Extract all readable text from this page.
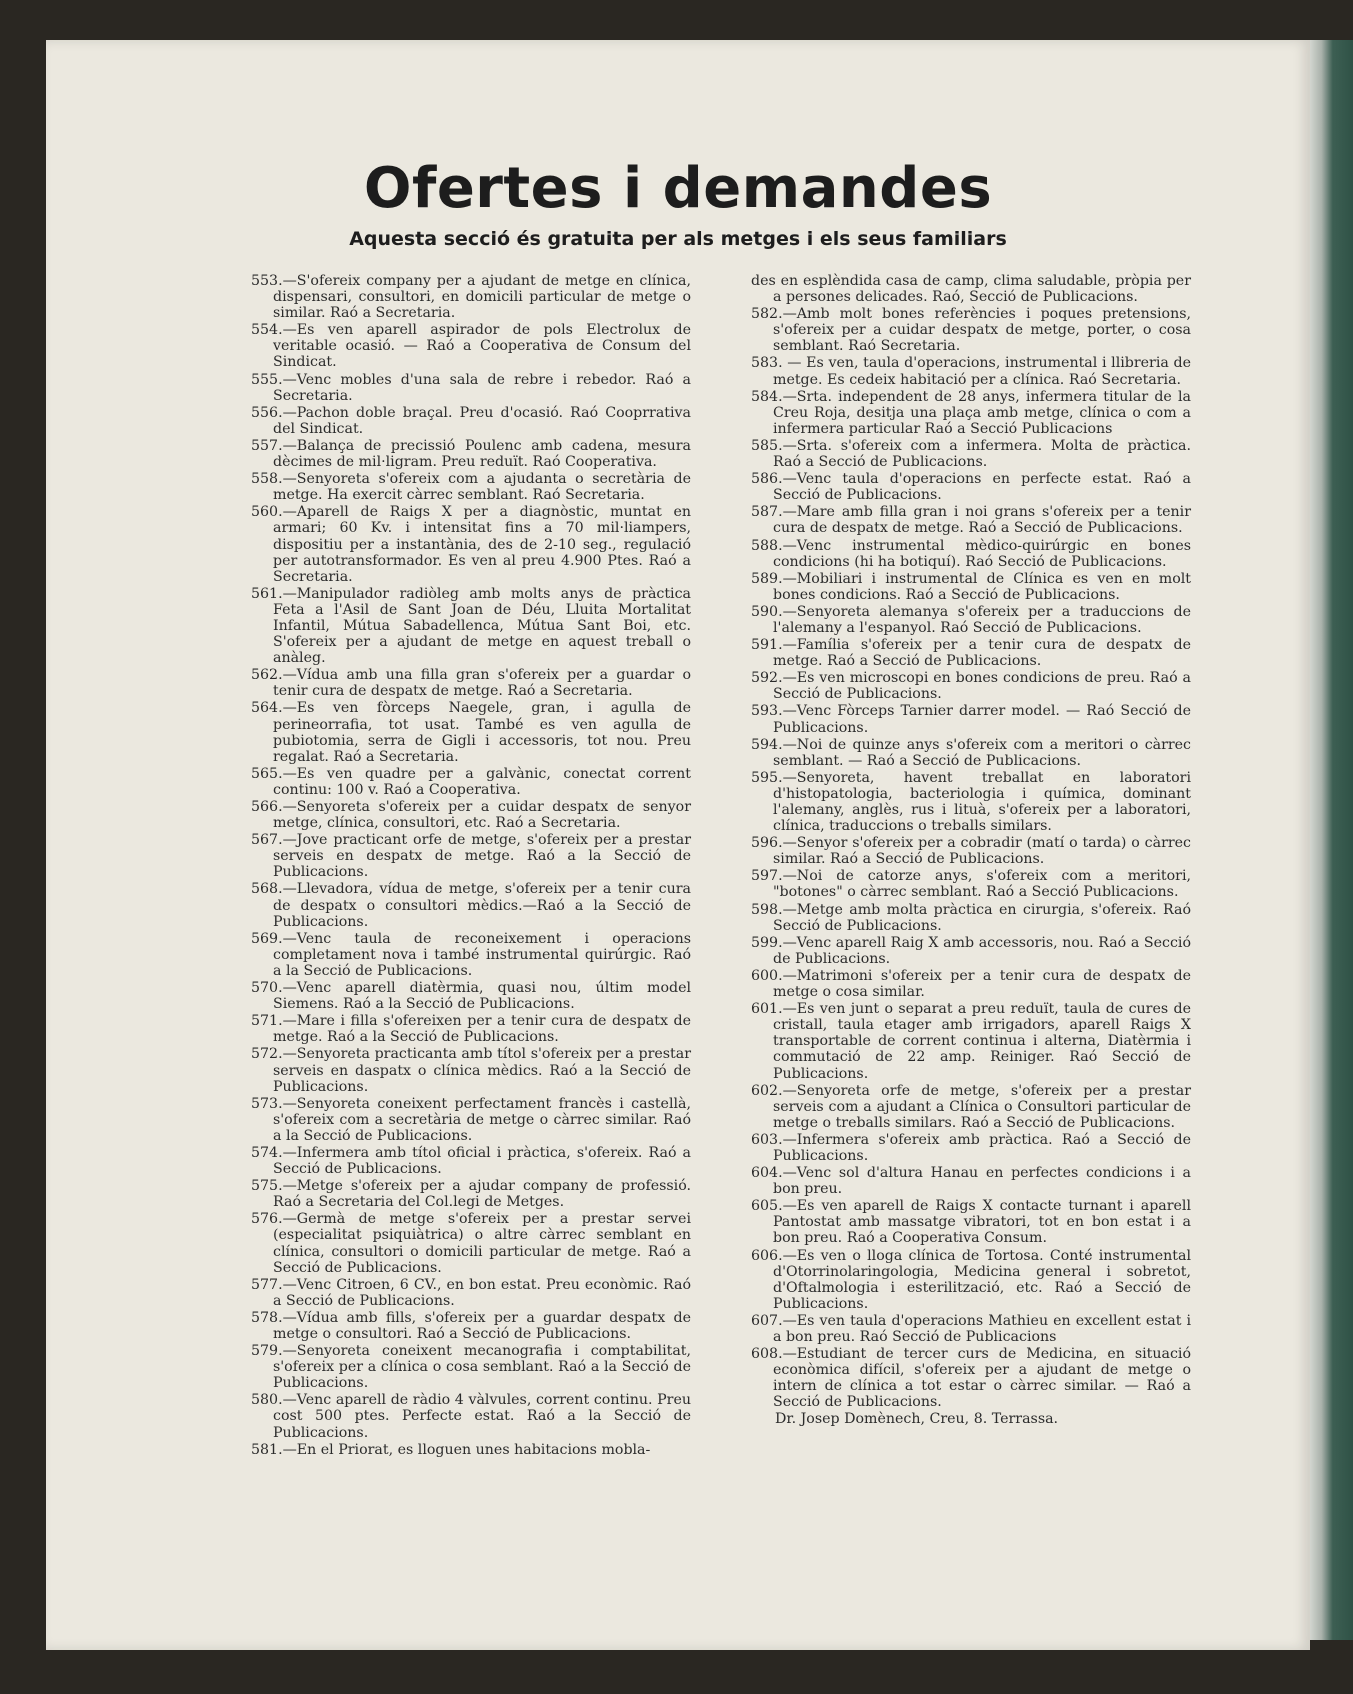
Ofertes i demandes

Aquesta secció és gratuita per als metges i els seus familiars

553.—S'ofereix company per a ajudant de metge en clínica, dispensari, consultori, en domicili particular de metge o similar. Raó a Secretaria.

554.—Es ven aparell aspirador de pols Electrolux de veritable ocasió. — Raó a Cooperativa de Consum del Sindicat.

555.—Venc mobles d'una sala de rebre i rebedor. Raó a Secretaria.

556.—Pachon doble braçal. Preu d'ocasió. Raó Cooprrativa del Sindicat.

557.—Balança de precissió Poulenc amb cadena, mesura dècimes de mil·ligram. Preu reduït. Raó Cooperativa.

558.—Senyoreta s'ofereix com a ajudanta o secretària de metge. Ha exercit càrrec semblant. Raó Secretaria.

560.—Aparell de Raigs X per a diagnòstic, muntat en armari; 60 Kv. i intensitat fins a 70 mil·liampers, dispositiu per a instantània, des de 2-10 seg., regulació per autotransformador. Es ven al preu 4.900 Ptes. Raó a Secretaria.

561.—Manipulador radiòleg amb molts anys de pràctica Feta a l'Asil de Sant Joan de Déu, Lluita Mortalitat Infantil, Mútua Sabadellenca, Mútua Sant Boi, etc. S'ofereix per a ajudant de metge en aquest treball o anàleg.

562.—Vídua amb una filla gran s'ofereix per a guardar o tenir cura de despatx de metge. Raó a Secretaria.

564.—Es ven fòrceps Naegele, gran, i agulla de perineorrafia, tot usat. També es ven agulla de pubiotomia, serra de Gigli i accessoris, tot nou. Preu regalat. Raó a Secretaria.

565.—Es ven quadre per a galvànic, conectat corrent continu: 100 v. Raó a Cooperativa.

566.—Senyoreta s'ofereix per a cuidar despatx de senyor metge, clínica, consultori, etc. Raó a Secretaria.

567.—Jove practicant orfe de metge, s'ofereix per a prestar serveis en despatx de metge. Raó a la Secció de Publicacions.

568.—Llevadora, vídua de metge, s'ofereix per a tenir cura de despatx o consultori mèdics.—Raó a la Secció de Publicacions.

569.—Venc taula de reconeixement i operacions completament nova i també instrumental quirúrgic. Raó a la Secció de Publicacions.

570.—Venc aparell diatèrmia, quasi nou, últim model Siemens. Raó a la Secció de Publicacions.

571.—Mare i filla s'ofereixen per a tenir cura de despatx de metge. Raó a la Secció de Publicacions.

572.—Senyoreta practicanta amb títol s'ofereix per a prestar serveis en daspatx o clínica mèdics. Raó a la Secció de Publicacions.

573.—Senyoreta coneixent perfectament francès i castellà, s'ofereix com a secretària de metge o càrrec similar. Raó a la Secció de Publicacions.

574.—Infermera amb títol oficial i pràctica, s'ofereix. Raó a Secció de Publicacions.

575.—Metge s'ofereix per a ajudar company de professió. Raó a Secretaria del Col.legi de Metges.

576.—Germà de metge s'ofereix per a prestar servei (especialitat psiquiàtrica) o altre càrrec semblant en clínica, consultori o domicili particular de metge. Raó a Secció de Publicacions.

577.—Venc Citroen, 6 CV., en bon estat. Preu econòmic. Raó a Secció de Publicacions.

578.—Vídua amb fills, s'ofereix per a guardar despatx de metge o consultori. Raó a Secció de Publicacions.

579.—Senyoreta coneixent mecanografia i comptabilitat, s'ofereix per a clínica o cosa semblant. Raó a la Secció de Publicacions.

580.—Venc aparell de ràdio 4 vàlvules, corrent continu. Preu cost 500 ptes. Perfecte estat. Raó a la Secció de Publicacions.

581.—En el Priorat, es lloguen unes habitacions mobla-

des en esplèndida casa de camp, clima saludable, pròpia per a persones delicades. Raó, Secció de Publicacions.

582.—Amb molt bones referències i poques pretensions, s'ofereix per a cuidar despatx de metge, porter, o cosa semblant. Raó Secretaria.

583. — Es ven, taula d'operacions, instrumental i llibreria de metge. Es cedeix habitació per a clínica. Raó Secretaria.

584.—Srta. independent de 28 anys, infermera titular de la Creu Roja, desitja una plaça amb metge, clínica o com a infermera particular Raó a Secció Publicacions

585.—Srta. s'ofereix com a infermera. Molta de pràctica. Raó a Secció de Publicacions.

586.—Venc taula d'operacions en perfecte estat. Raó a Secció de Publicacions.

587.—Mare amb filla gran i noi grans s'ofereix per a tenir cura de despatx de metge. Raó a Secció de Publicacions.

588.—Venc instrumental mèdico-quirúrgic en bones condicions (hi ha botiquí). Raó Secció de Publicacions.

589.—Mobiliari i instrumental de Clínica es ven en molt bones condicions. Raó a Secció de Publicacions.

590.—Senyoreta alemanya s'ofereix per a traduccions de l'alemany a l'espanyol. Raó Secció de Publicacions.

591.—Família s'ofereix per a tenir cura de despatx de metge. Raó a Secció de Publicacions.

592.—Es ven microscopi en bones condicions de preu. Raó a Secció de Publicacions.

593.—Venc Fòrceps Tarnier darrer model. — Raó Secció de Publicacions.

594.—Noi de quinze anys s'ofereix com a meritori o càrrec semblant. — Raó a Secció de Publicacions.

595.—Senyoreta, havent treballat en laboratori d'histopatologia, bacteriologia i química, dominant l'alemany, anglès, rus i lituà, s'ofereix per a laboratori, clínica, traduccions o treballs similars.

596.—Senyor s'ofereix per a cobradir (matí o tarda) o càrrec similar. Raó a Secció de Publicacions.

597.—Noi de catorze anys, s'ofereix com a meritori, "botones" o càrrec semblant. Raó a Secció Publicacions.

598.—Metge amb molta pràctica en cirurgia, s'ofereix. Raó Secció de Publicacions.

599.—Venc aparell Raig X amb accessoris, nou. Raó a Secció de Publicacions.

600.—Matrimoni s'ofereix per a tenir cura de despatx de metge o cosa similar.

601.—Es ven junt o separat a preu reduït, taula de cures de cristall, taula etager amb irrigadors, aparell Raigs X transportable de corrent continua i alterna, Diatèrmia i commutació de 22 amp. Reiniger. Raó Secció de Publicacions.

602.—Senyoreta orfe de metge, s'ofereix per a prestar serveis com a ajudant a Clínica o Consultori particular de metge o treballs similars. Raó a Secció de Publicacions.

603.—Infermera s'ofereix amb pràctica. Raó a Secció de Publicacions.

604.—Venc sol d'altura Hanau en perfectes condicions i a bon preu.

605.—Es ven aparell de Raigs X contacte turnant i aparell Pantostat amb massatge vibratori, tot en bon estat i a bon preu. Raó a Cooperativa Consum.

606.—Es ven o lloga clínica de Tortosa. Conté instrumental d'Otorrinolaringologia, Medicina general i sobretot, d'Oftalmologia i esterilització, etc. Raó a Secció de Publicacions.

607.—Es ven taula d'operacions Mathieu en excellent estat i a bon preu. Raó Secció de Publicacions

608.—Estudiant de tercer curs de Medicina, en situació econòmica difícil, s'ofereix per a ajudant de metge o intern de clínica a tot estar o càrrec similar. — Raó a Secció de Publicacions.

Dr. Josep Domènech, Creu, 8. Terrassa.
